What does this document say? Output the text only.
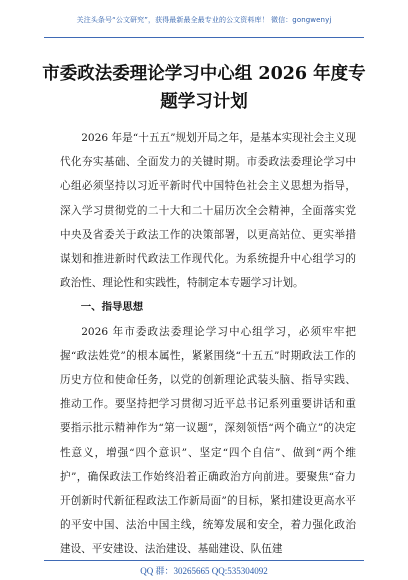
关注头条号“公文研究”，获得最新最全最专业的公文资料库！ 微信：gongwenyj
市委政法委理论学习中心组 2026 年度专题学习计划

2026 年是“十五五”规划开局之年，是基本实现社会主义现代化夯实基础、全面发力的关键时期。市委政法委理论学习中心组必须坚持以习近平新时代中国特色社会主义思想为指导，深入学习贯彻党的二十大和二十届历次全会精神，全面落实党中央及省委关于政法工作的决策部署，以更高站位、更实举措谋划和推进新时代政法工作现代化。为系统提升中心组学习的政治性、理论性和实践性，特制定本专题学习计划。

一、指导思想

2026 年市委政法委理论学习中心组学习，必须牢牢把握“政法姓党”的根本属性，紧紧围绕“十五五”时期政法工作的历史方位和使命任务，以党的创新理论武装头脑、指导实践、推动工作。要坚持把学习贯彻习近平总书记系列重要讲话和重要指示批示精神作为“第一议题”，深刻领悟“两个确立”的决定性意义，增强“四个意识”、坚定“四个自信”、做到“两个维护”，确保政法工作始终沿着正确政治方向前进。要聚焦“奋力开创新时代新征程政法工作新局面”的目标，紧扣建设更高水平的平安中国、法治中国主线，统筹发展和安全，着力强化政治建设、平安建设、法治建设、基础建设、队伍建

QQ 群：30265665 QQ:535304092
